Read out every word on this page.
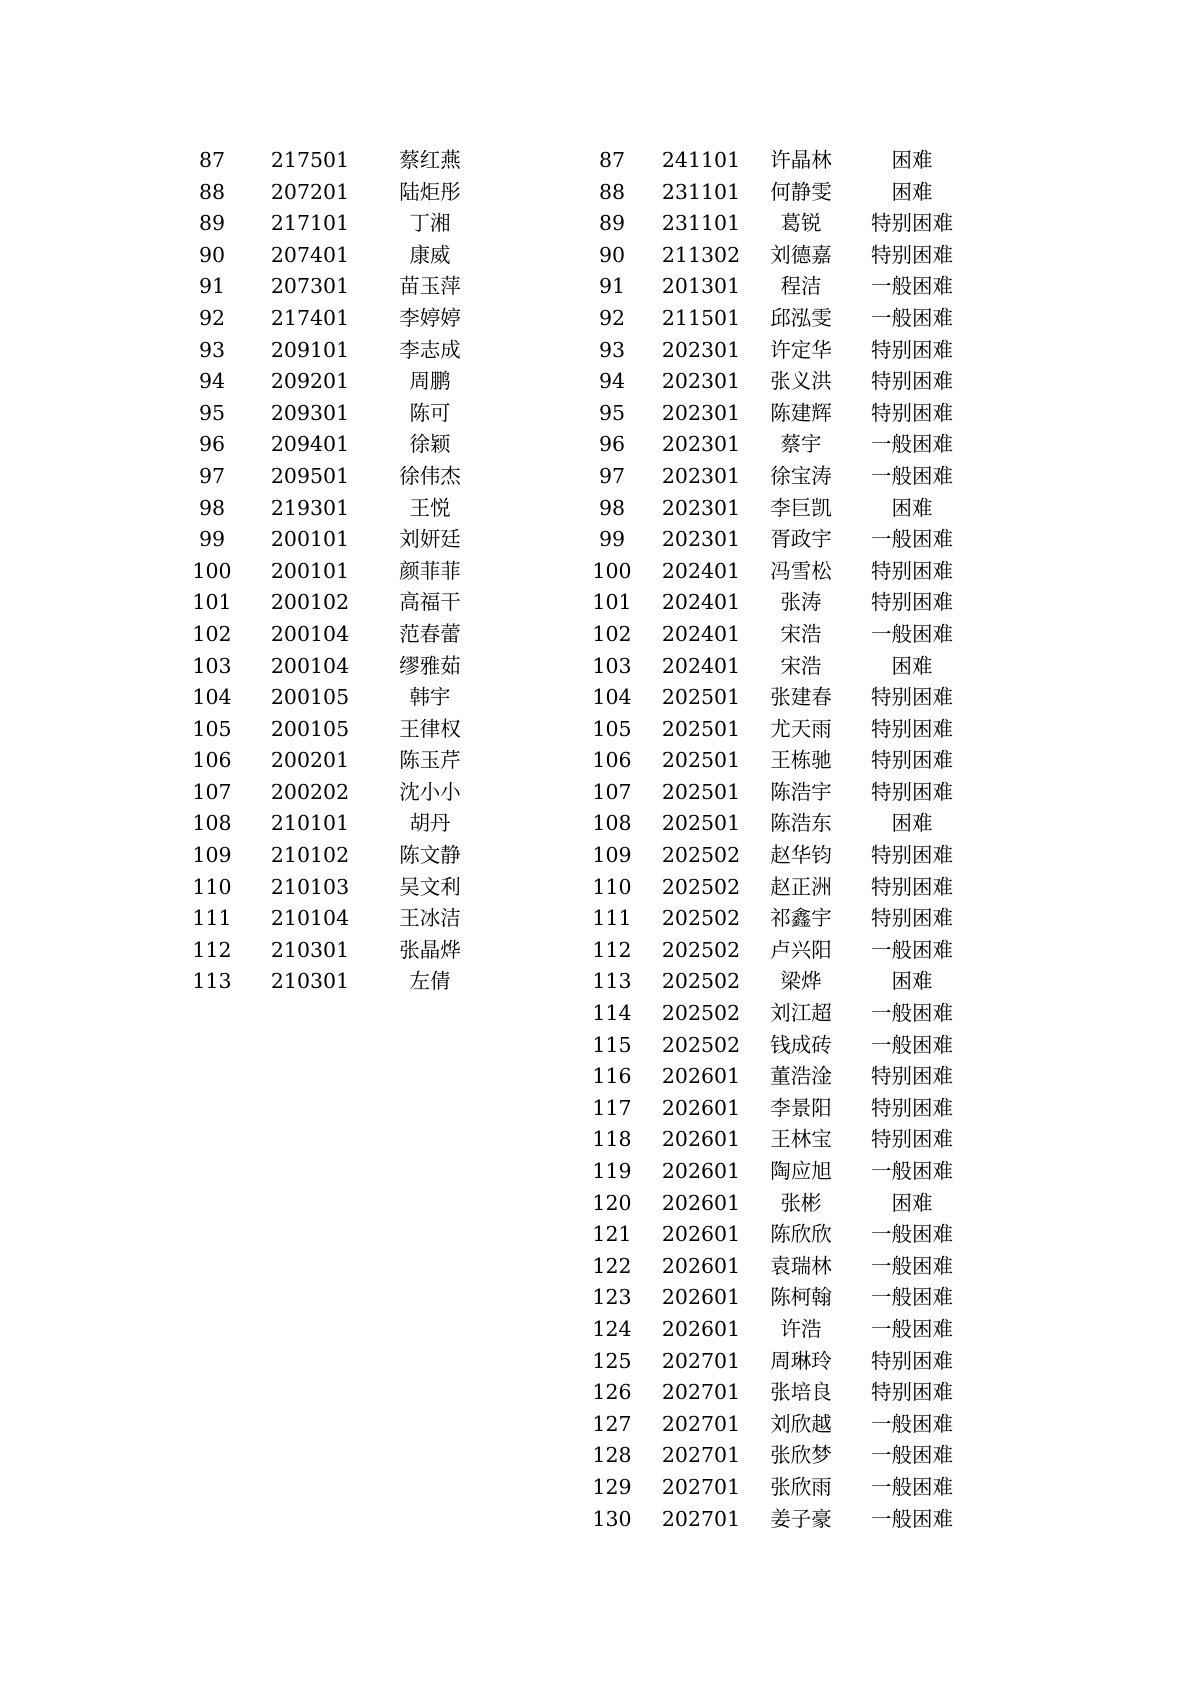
87	217501	蔡红燕
88	207201	陆炬彤
89	217101	丁湘
90	207401	康威
91	207301	苗玉萍
92	217401	李婷婷
93	209101	李志成
94	209201	周鹏
95	209301	陈可
96	209401	徐颖
97	209501	徐伟杰
98	219301	王悦
99	200101	刘妍廷
100	200101	颜菲菲
101	200102	高福干
102	200104	范春蕾
103	200104	缪雅茹
104	200105	韩宇
105	200105	王律权
106	200201	陈玉芹
107	200202	沈小小
108	210101	胡丹
109	210102	陈文静
110	210103	吴文利
111	210104	王冰洁
112	210301	张晶烨
113	210301	左倩
87	241101	许晶林	困难
88	231101	何静雯	困难
89	231101	葛锐	特别困难
90	211302	刘德嘉	特别困难
91	201301	程洁	一般困难
92	211501	邱泓雯	一般困难
93	202301	许定华	特别困难
94	202301	张义洪	特别困难
95	202301	陈建辉	特别困难
96	202301	蔡宇	一般困难
97	202301	徐宝涛	一般困难
98	202301	李巨凯	困难
99	202301	胥政宇	一般困难
100	202401	冯雪松	特别困难
101	202401	张涛	特别困难
102	202401	宋浩	一般困难
103	202401	宋浩	困难
104	202501	张建春	特别困难
105	202501	尤天雨	特别困难
106	202501	王栋驰	特别困难
107	202501	陈浩宇	特别困难
108	202501	陈浩东	困难
109	202502	赵华钧	特别困难
110	202502	赵正洲	特别困难
111	202502	祁鑫宇	特别困难
112	202502	卢兴阳	一般困难
113	202502	梁烨	困难
114	202502	刘江超	一般困难
115	202502	钱成砖	一般困难
116	202601	董浩淦	特别困难
117	202601	李景阳	特别困难
118	202601	王林宝	特别困难
119	202601	陶应旭	一般困难
120	202601	张彬	困难
121	202601	陈欣欣	一般困难
122	202601	袁瑞林	一般困难
123	202601	陈柯翰	一般困难
124	202601	许浩	一般困难
125	202701	周琳玲	特别困难
126	202701	张培良	特别困难
127	202701	刘欣越	一般困难
128	202701	张欣梦	一般困难
129	202701	张欣雨	一般困难
130	202701	姜子豪	一般困难
